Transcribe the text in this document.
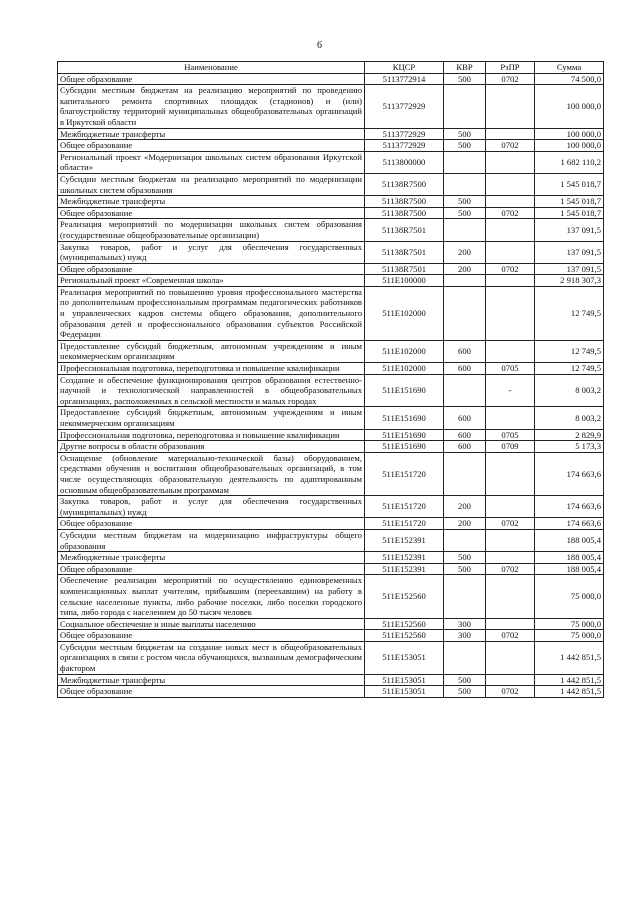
6
Наименование	КЦСР	КВР	РзПР	Сумма
Общее образование	5113772914	500	0702	74 500,0
Субсидии местным бюджетам на реализацию мероприятий по проведению капитального ремонта спортивных площадок (стадионов) и (или) благоустройству территорий муниципальных общеобразовательных организаций в Иркутской области	5113772929			100 000,0
Межбюджетные трансферты	5113772929	500		100 000,0
Общее образование	5113772929	500	0702	100 000,0
Региональный проект «Модернизация школьных систем образования Иркутской области»	5113800000			1 682 110,2
Субсидии местным бюджетам на реализацию мероприятий по модернизации школьных систем образования	51138R7500			1 545 018,7
Межбюджетные трансферты	51138R7500	500		1 545 018,7
Общее образование	51138R7500	500	0702	1 545 018,7
Реализация мероприятий по модернизации школьных систем образования (государственные общеобразовательные организации)	51138R7501			137 091,5
Закупка товаров, работ и услуг для обеспечения государственных (муниципальных) нужд	51138R7501	200		137 091,5
Общее образование	51138R7501	200	0702	137 091,5
Региональный проект «Современная школа»	511E100000			2 918 307,3
Реализация мероприятий по повышению уровня профессионального мастерства по дополнительным профессиональным программам педагогических работников и управленческих кадров системы общего образования, дополнительного образования детей и профессионального образования субъектов Российской Федерации	511E102000			12 749,5
Предоставление субсидий бюджетным, автономным учреждениям и иным некоммерческим организациям	511E102000	600		12 749,5
Профессиональная подготовка, переподготовка и повышение квалификации	511E102000	600	0705	12 749,5
Создание и обеспечение функционирования центров образования естественно-научной и технологической направленностей в общеобразовательных организациях, расположенных в сельской местности и малых городах	511E151690		-	8 003,2
Предоставление субсидий бюджетным, автономным учреждениям и иным некоммерческим организациям	511E151690	600		8 003,2
Профессиональная подготовка, переподготовка и повышение квалификации	511E151690	600	0705	2 829,9
Другие вопросы в области образования	511E151690	600	0709	5 173,3
Оснащение (обновление материально-технической базы) оборудованием, средствами обучения и воспитания общеобразовательных организаций, в том числе осуществляющих образовательную деятельность по адаптированным основным общеобразовательным программам	511E151720			174 663,6
Закупка товаров, работ и услуг для обеспечения государственных (муниципальных) нужд	511E151720	200		174 663,6
Общее образование	511E151720	200	0702	174 663,6
Субсидии местным бюджетам на модернизацию инфраструктуры общего образования	511E152391			188 005,4
Межбюджетные трансферты	511E152391	500		188 005,4
Общее образование	511E152391	500	0702	188 005,4
Обеспечение реализации мероприятий по осуществлению единовременных компенсационных выплат учителям, прибывшим (переехавшим) на работу в сельские населенные пункты, либо рабочие поселки, либо поселки городского типа, либо города с населением до 50 тысяч человек	511E152560			75 000,0
Социальное обеспечение и иные выплаты населению	511E152560	300		75 000,0
Общее образование	511E152560	300	0702	75 000,0
Субсидии местным бюджетам на создание новых мест в общеобразовательных организациях в связи с ростом числа обучающихся, вызванным демографическим фактором	511E153051			1 442 851,5
Межбюджетные трансферты	511E153051	500		1 442 851,5
Общее образование	511E153051	500	0702	1 442 851,5
